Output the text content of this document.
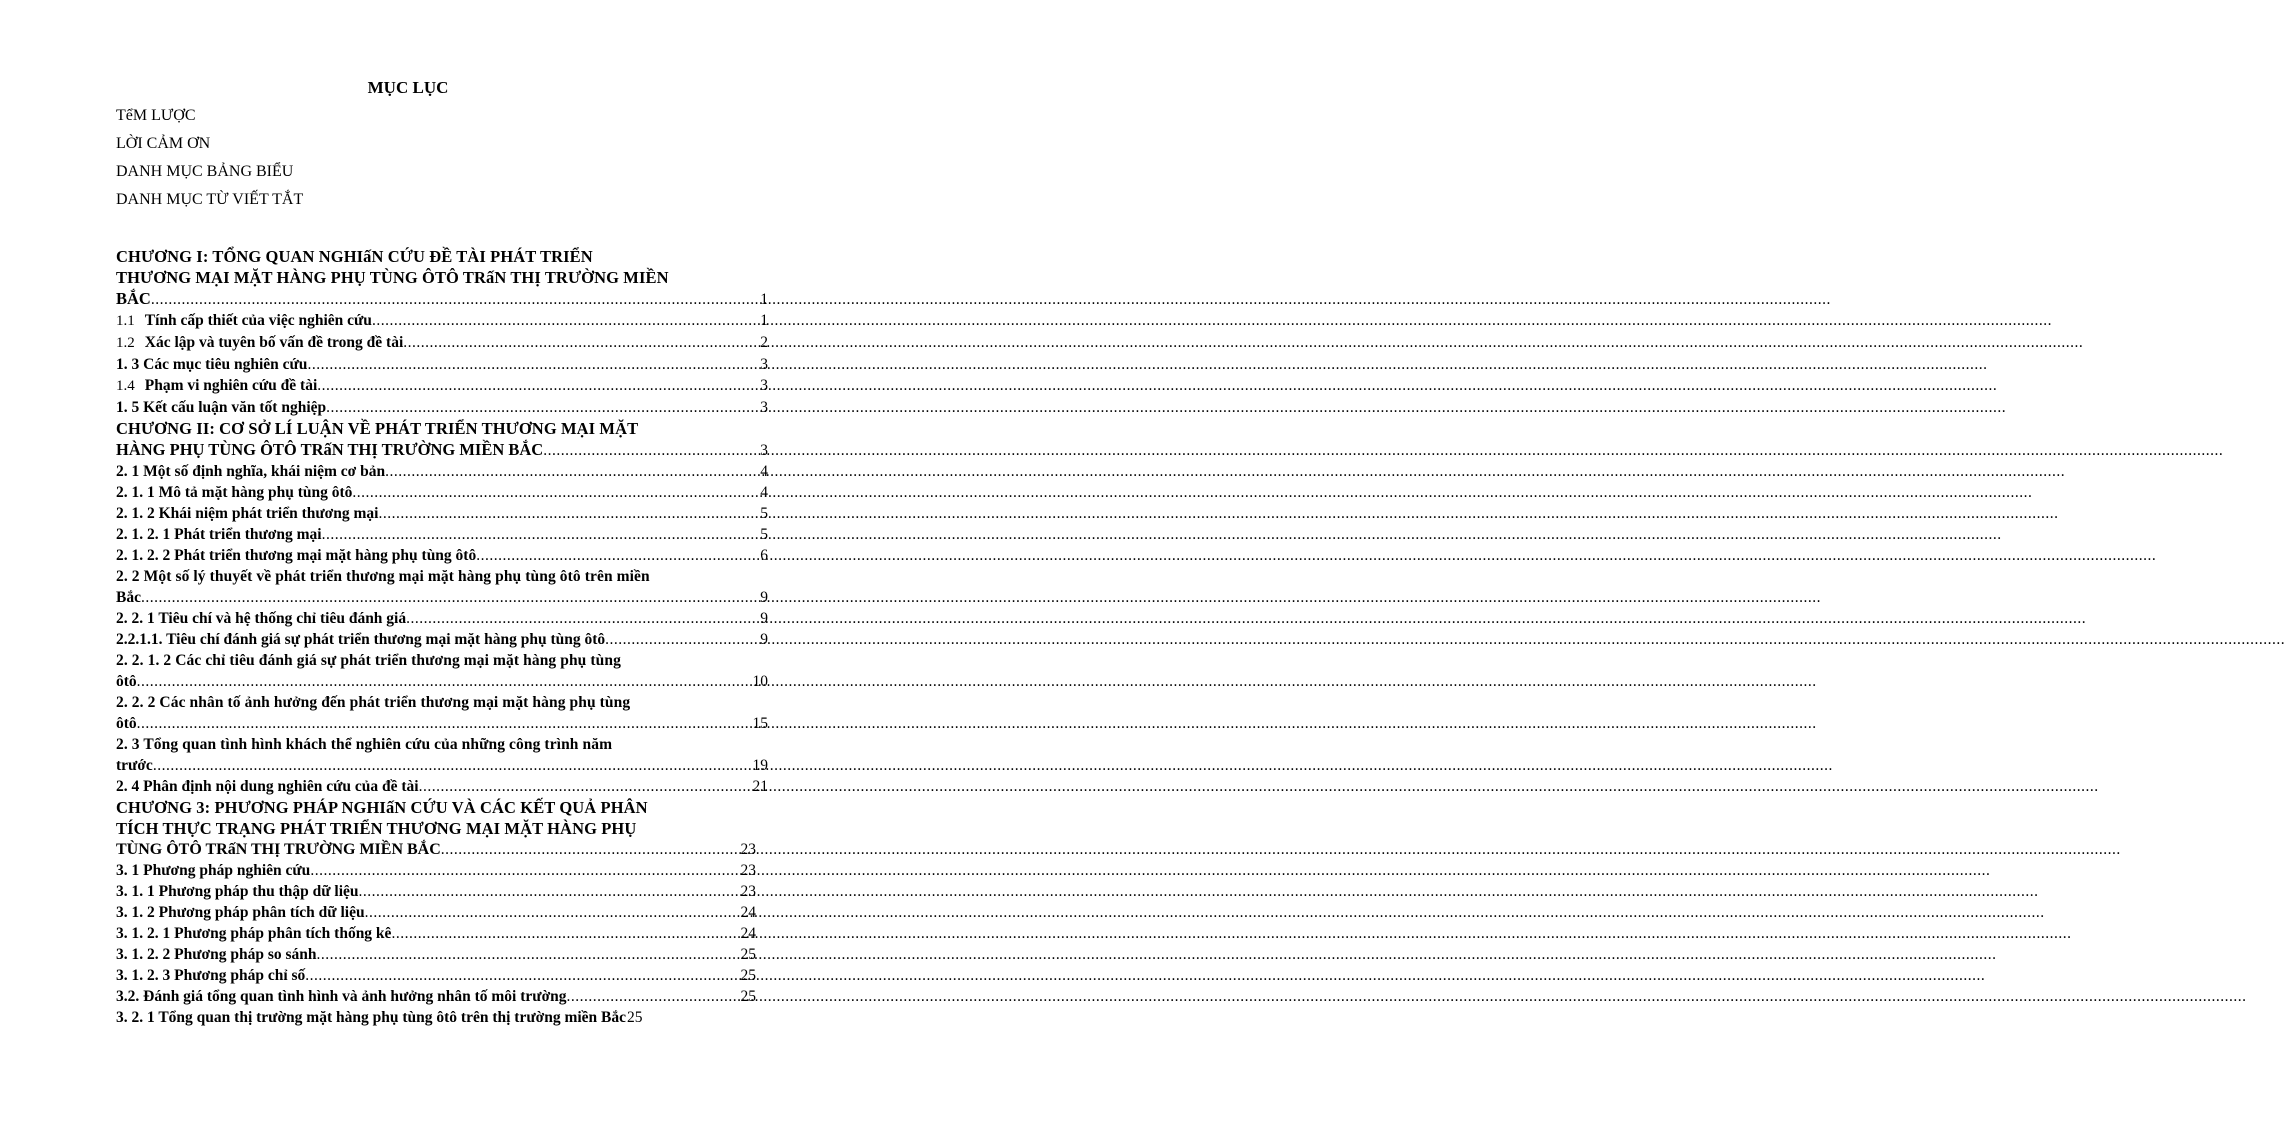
MỤC LỤC
TểM LƯỢC
LỜI CẢM ƠN
DANH MỤC BẢNG BIỂU
DANH MỤC TỪ VIẾT TẮT
CHƯƠNG I: TỔNG QUAN NGHIấN CỨU ĐỀ TÀI PHÁT TRIỂN
THƯƠNG MẠI MẶT HÀNG PHỤ TÙNG ÔTÔ TRấN THỊ TRƯỜNG MIỀN
BẮC .....	1
1.1 Tính cấp thiết của việc nghiên cứu .....	1
1.2 Xác lập và tuyên bố vấn đề trong đề tài .....	2
1. 3 Các mục tiêu nghiên cứu .....	3
1.4 Phạm vi nghiên cứu đề tài .....	3
1. 5 Kết cấu luận văn tốt nghiệp .....	3
CHƯƠNG II: CƠ SỞ LÍ LUẬN VỀ PHÁT TRIỂN THƯƠNG MẠI MẶT
HÀNG PHỤ TÙNG ÔTÔ TRấN THỊ TRƯỜNG MIỀN BẮC .....	3
2. 1 Một số định nghĩa, khái niệm cơ bản .....	4
2. 1. 1 Mô tả mặt hàng phụ tùng ôtô .....	4
2. 1. 2 Khái niệm phát triển thương mại .....	5
2. 1. 2. 1 Phát triển thương mại .....	5
2. 1. 2. 2 Phát triển thương mại mặt hàng phụ tùng ôtô .....	6
2. 2 Một số lý thuyết về phát triển thương mại mặt hàng phụ tùng ôtô trên miền
Bắc .....	9
2. 2. 1 Tiêu chí và hệ thống chỉ tiêu đánh giá .....	9
2.2.1.1. Tiêu chí đánh giá sự phát triển thương mại mặt hàng phụ tùng ôtô .....	9
2. 2. 1. 2 Các chỉ tiêu đánh giá sự phát triển thương mại mặt hàng phụ tùng
ôtô .....	10
2. 2. 2 Các nhân tố ảnh hưởng đến phát triển thương mại mặt hàng phụ tùng
ôtô .....	15
2. 3 Tổng quan tình hình khách thể nghiên cứu của những công trình năm
trước .....	19
2. 4 Phân định nội dung nghiên cứu của đề tài .....	21
CHƯƠNG 3: PHƯƠNG PHÁP NGHIấN CỨU VÀ CÁC KẾT QUẢ PHÂN
TÍCH THỰC TRẠNG PHÁT TRIỂN THƯƠNG MẠI MẶT HÀNG PHỤ
TÙNG ÔTÔ TRấN THỊ TRƯỜNG MIỀN BẮC .....	23
3. 1 Phương pháp nghiên cứu .....	23
3. 1. 1 Phương pháp thu thập dữ liệu .....	23
3. 1. 2 Phương pháp phân tích dữ liệu .....	24
3. 1. 2. 1 Phương pháp phân tích thống kê .....	24
3. 1. 2. 2 Phương pháp so sánh .....	25
3. 1. 2. 3 Phương pháp chỉ số .....	25
3.2. Đánh giá tổng quan tình hình và ảnh hưởng nhân tố môi trường .....	25
3. 2. 1 Tổng quan thị trường mặt hàng phụ tùng ôtô trên thị trường miền Bắc 25
